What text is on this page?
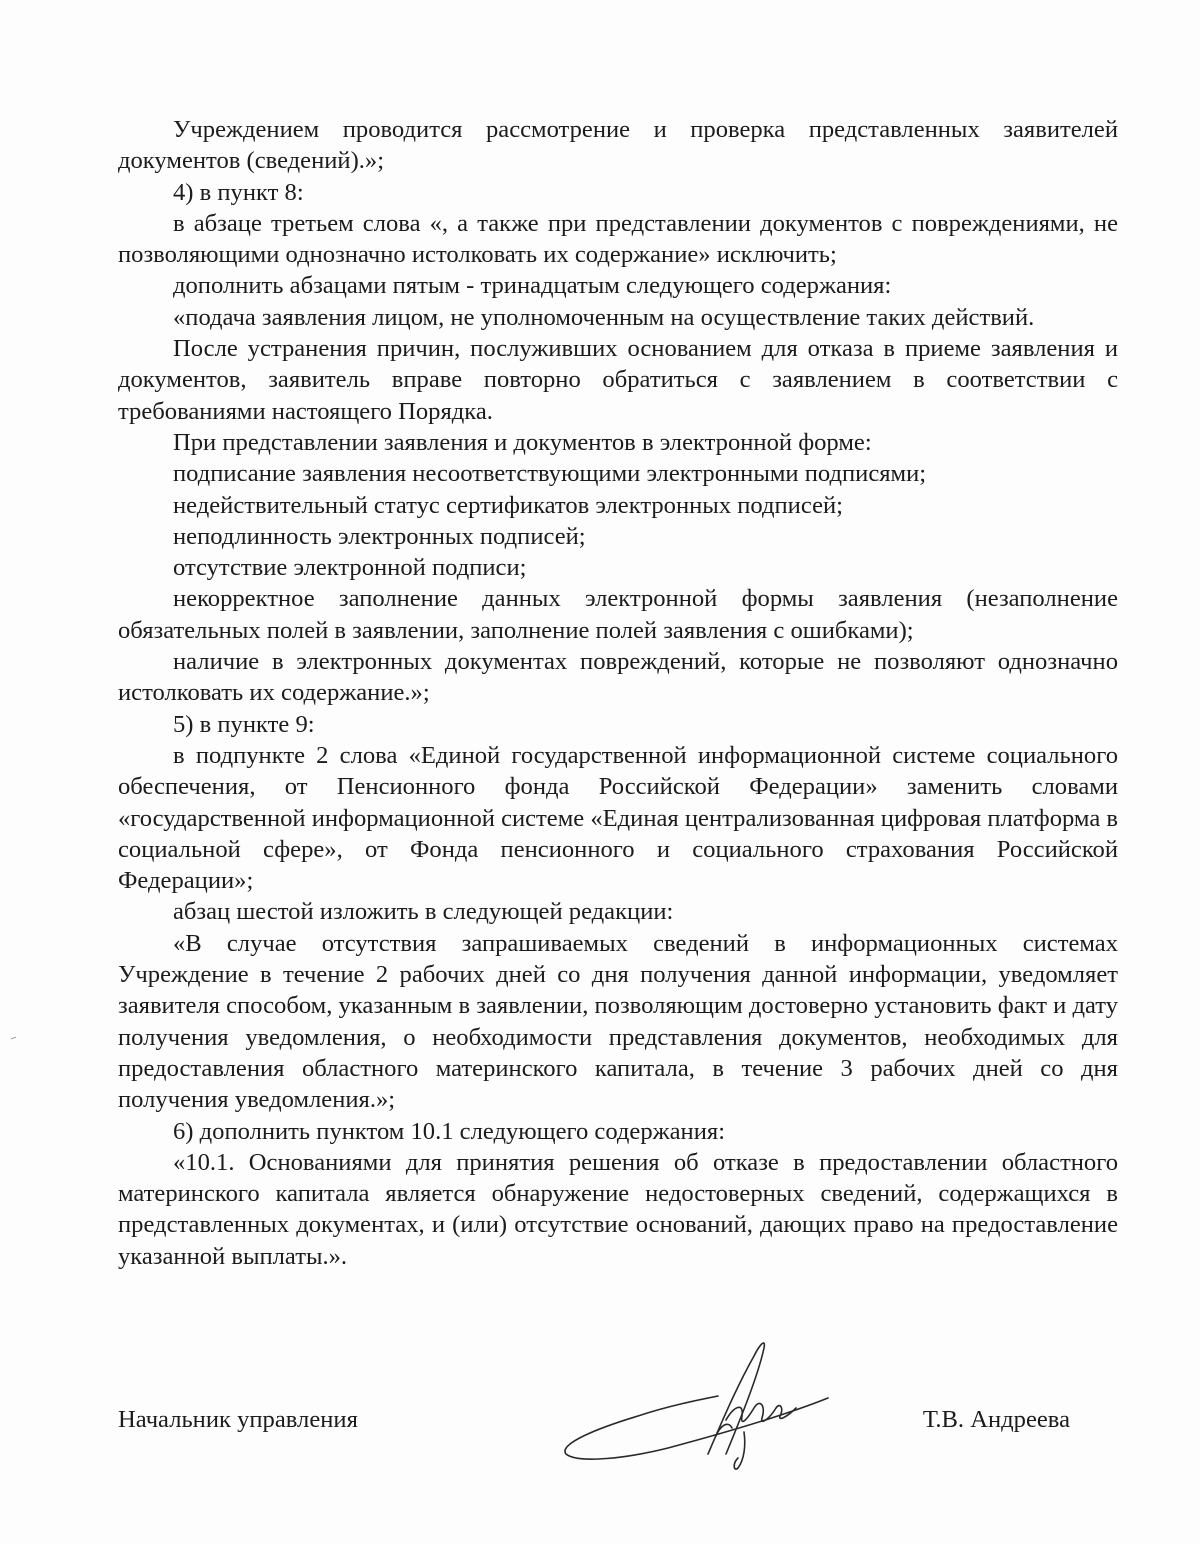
Учреждением проводится рассмотрение и проверка представленных заявителей документов (сведений).»;

4) в пункт 8:

в абзаце третьем слова «, а также при представлении документов с повреждениями, не позволяющими однозначно истолковать их содержание» исключить;

дополнить абзацами пятым - тринадцатым следующего содержания:

«подача заявления лицом, не уполномоченным на осуществление таких действий.

После устранения причин, послуживших основанием для отказа в приеме заявления и документов, заявитель вправе повторно обратиться с заявлением в соответствии с требованиями настоящего Порядка.

При представлении заявления и документов в электронной форме:

подписание заявления несоответствующими электронными подписями;

недействительный статус сертификатов электронных подписей;

неподлинность электронных подписей;

отсутствие электронной подписи;

некорректное заполнение данных электронной формы заявления (незаполнение обязательных полей в заявлении, заполнение полей заявления с ошибками);

наличие в электронных документах повреждений, которые не позволяют однозначно истолковать их содержание.»;

5) в пункте 9:

в подпункте 2 слова «Единой государственной информационной системе социального обеспечения, от Пенсионного фонда Российской Федерации» заменить словами «государственной информационной системе «Единая централизованная цифровая платформа в социальной сфере», от Фонда пенсионного и социального страхования Российской Федерации»;

абзац шестой изложить в следующей редакции:

«В случае отсутствия запрашиваемых сведений в информационных системах Учреждение в течение 2 рабочих дней со дня получения данной информации, уведомляет заявителя способом, указанным в заявлении, позволяющим достоверно установить факт и дату получения уведомления, о необходимости представления документов, необходимых для предоставления областного материнского капитала, в течение 3 рабочих дней со дня получения уведомления.»;

6) дополнить пунктом 10.1 следующего содержания:

«10.1. Основаниями для принятия решения об отказе в предоставлении областного материнского капитала является обнаружение недостоверных сведений, содержащихся в представленных документах, и (или) отсутствие оснований, дающих право на предоставление указанной выплаты.».

Начальник управления	Т.В. Андреева
